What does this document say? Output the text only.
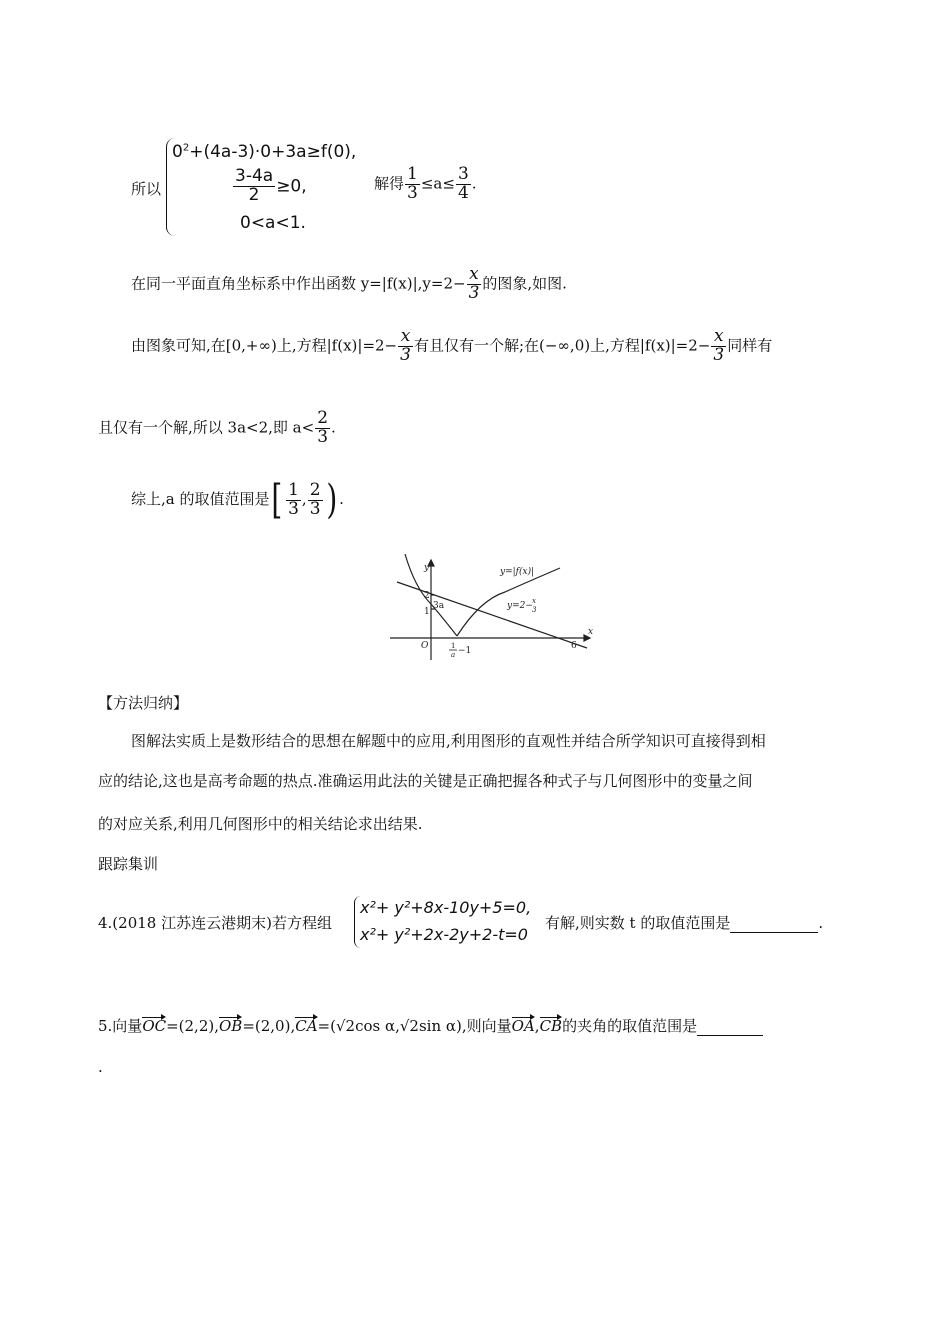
所以
$0^2+(4a-3)\cdot 0+3a\ge f(0)$,
$\frac{3-4a}{2} \ge 0$,
0<a<1.
解得 $\frac{1}{3} \le a\le \frac{3}{4}$ .
在同一平面直角坐标系中作出函数 $y=|f(x)|,y=2- \frac{x}{3}$ 的图象,如图.
由图象可知,在[0,+∞)上,方程$|f(x)|=2- \frac{x}{3}$ 有且仅有一个解;在(−∞,0)上,方程$|f(x)|=2- \frac{x}{3}$ 同样有
且仅有一个解,所以 3a<2,即 $a< \frac{2}{3}$ .
综上,a 的取值范围是[ $\frac{1}{3}$ , $\frac{2}{3}$ ) .
y
x
y=|f(x)|
y=2− x
3
2
3a
1
O	1
a −1	6
【方法归纳】
图解法实质上是数形结合的思想在解题中的应用,利用图形的直观性并结合所学知识可直接得到相
应的结论,这也是高考命题的热点.准确运用此法的关键是正确把握各种式子与几何图形中的变量之间
的对应关系,利用几何图形中的相关结论求出结果.
跟踪集训
4.(2018 江苏连云港期末)若方程组
x²+ y²+8x-10y+5=0,
x²+ y²+2x-2y+2-t=0
有解,则实数 t 的取值范围是	.
5.向量OC=(2,2),OB=(2,0),CA=(√2cos α,√2sin α),则向量OA,CB的夹角的取值范围是
.
